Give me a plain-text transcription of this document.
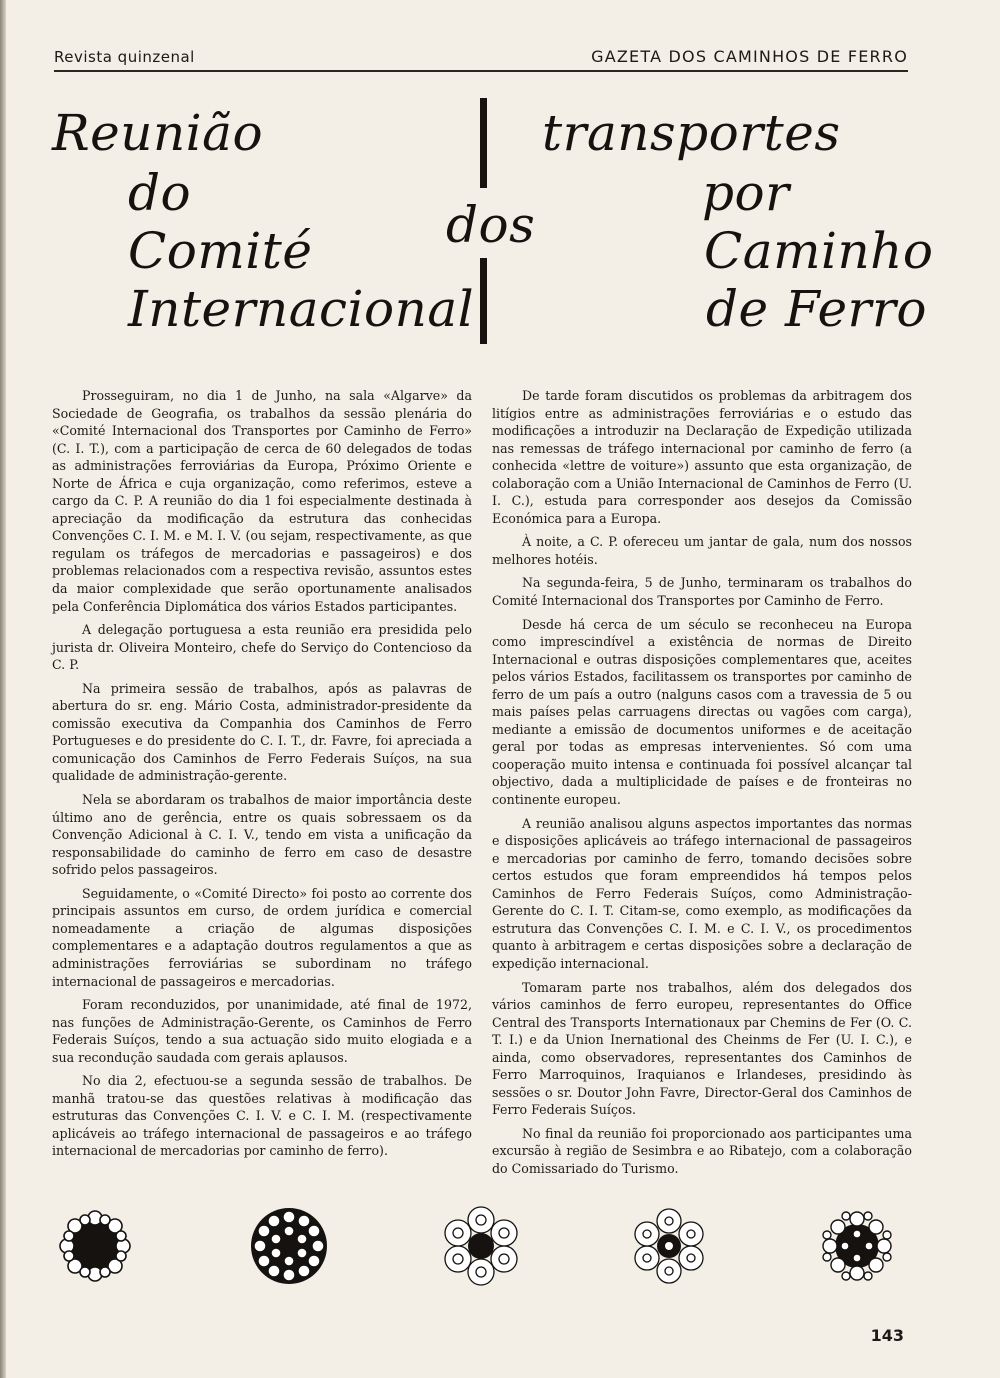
Revista quinzenal	GAZETA DOS CAMINHOS DE FERRO
Reunião
do
Comité
Internacional
dos
transportes
por
Caminho
de Ferro

Prosseguiram, no dia 1 de Junho, na sala «Algarve» da Sociedade de Geografia, os trabalhos da sessão plenária do «Comité Internacional dos Transportes por Caminho de Ferro» (C. I. T.), com a participação de cerca de 60 delegados de todas as administrações ferroviárias da Europa, Próximo Oriente e Norte de África e cuja organização, como referimos, esteve a cargo da C. P. A reunião do dia 1 foi especialmente destinada à apreciação da modificação da estrutura das conhecidas Convenções C. I. M. e M. I. V. (ou sejam, respectivamente, as que regulam os tráfegos de mercadorias e passageiros) e dos problemas relacionados com a respectiva revisão, assuntos estes da maior complexidade que serão oportunamente analisados pela Conferência Diplomática dos vários Estados participantes.

A delegação portuguesa a esta reunião era presidida pelo jurista dr. Oliveira Monteiro, chefe do Serviço do Contencioso da C. P.

Na primeira sessão de trabalhos, após as palavras de abertura do sr. eng. Mário Costa, administrador-presidente da comissão executiva da Companhia dos Caminhos de Ferro Portugueses e do presidente do C. I. T., dr. Favre, foi apreciada a comunicação dos Caminhos de Ferro Federais Suíços, na sua qualidade de administração-gerente.

Nela se abordaram os trabalhos de maior importância deste último ano de gerência, entre os quais sobressaem os da Convenção Adicional à C. I. V., tendo em vista a unificação da responsabilidade do caminho de ferro em caso de desastre sofrido pelos passageiros.

Seguidamente, o «Comité Directo» foi posto ao corrente dos principais assuntos em curso, de ordem jurídica e comercial nomeadamente a criação de algumas disposições complementares e a adaptação doutros regulamentos a que as administrações ferroviárias se subordinam no tráfego internacional de passageiros e mercadorias.

Foram reconduzidos, por unanimidade, até final de 1972, nas funções de Administração-Gerente, os Caminhos de Ferro Federais Suíços, tendo a sua actuação sido muito elogiada e a sua recondução saudada com gerais aplausos.

No dia 2, efectuou-se a segunda sessão de trabalhos. De manhã tratou-se das questões relativas à modificação das estruturas das Convenções C. I. V. e C. I. M. (respectivamente aplicáveis ao tráfego internacional de passageiros e ao tráfego internacional de mercadorias por caminho de ferro).

De tarde foram discutidos os problemas da arbitragem dos litígios entre as administrações ferroviárias e o estudo das modificações a introduzir na Declaração de Expedição utilizada nas remessas de tráfego internacional por caminho de ferro (a conhecida «lettre de voiture») assunto que esta organização, de colaboração com a União Internacional de Caminhos de Ferro (U. I. C.), estuda para corresponder aos desejos da Comissão Económica para a Europa.

À noite, a C. P. ofereceu um jantar de gala, num dos nossos melhores hotéis.

Na segunda-feira, 5 de Junho, terminaram os trabalhos do Comité Internacional dos Transportes por Caminho de Ferro.

Desde há cerca de um século se reconheceu na Europa como imprescindível a existência de normas de Direito Internacional e outras disposições complementares que, aceites pelos vários Estados, facilitassem os transportes por caminho de ferro de um país a outro (nalguns casos com a travessia de 5 ou mais países pelas carruagens directas ou vagões com carga), mediante a emissão de documentos uniformes e de aceitação geral por todas as empresas intervenientes. Só com uma cooperação muito intensa e continuada foi possível alcançar tal objectivo, dada a multiplicidade de países e de fronteiras no continente europeu.

A reunião analisou alguns aspectos importantes das normas e disposições aplicáveis ao tráfego internacional de passageiros e mercadorias por caminho de ferro, tomando decisões sobre certos estudos que foram empreendidos há tempos pelos Caminhos de Ferro Federais Suíços, como Administração-Gerente do C. I. T. Citam-se, como exemplo, as modificações da estrutura das Convenções C. I. M. e C. I. V., os procedimentos quanto à arbitragem e certas disposições sobre a declaração de expedição internacional.

Tomaram parte nos trabalhos, além dos delegados dos vários caminhos de ferro europeu, representantes do Office Central des Transports Internationaux par Chemins de Fer (O. C. T. I.) e da Union Inernational des Cheinms de Fer (U. I. C.), e ainda, como observadores, representantes dos Caminhos de Ferro Marroquinos, Iraquianos e Irlandeses, presidindo às sessões o sr. Doutor John Favre, Director-Geral dos Caminhos de Ferro Federais Suíços.

No final da reunião foi proporcionado aos participantes uma excursão à região de Sesimbra e ao Ribatejo, com a colaboração do Comissariado do Turismo.

143
